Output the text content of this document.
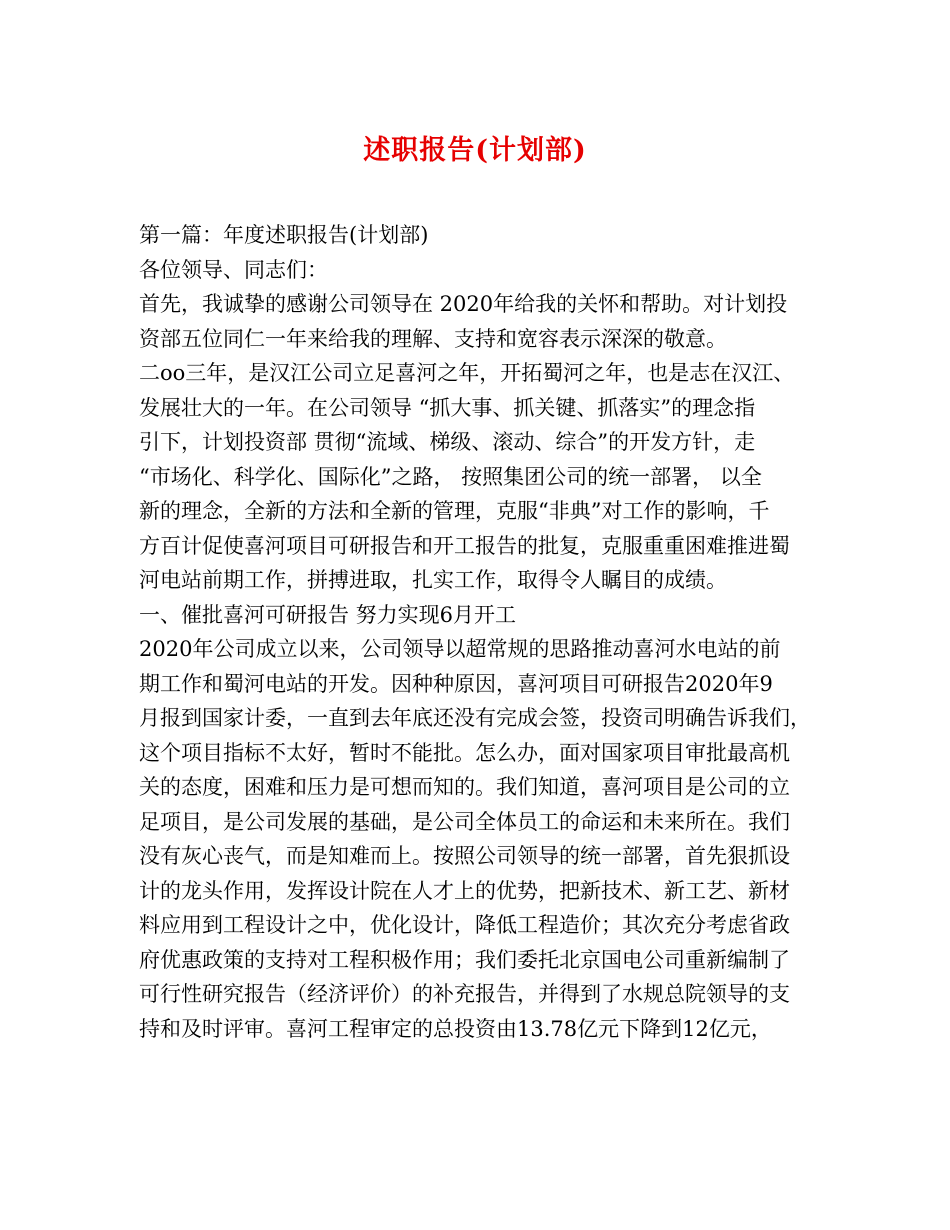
述职报告(计划部)
第一篇：年度述职报告(计划部)
各位领导、同志们：
首先，我诚挚的感谢公司领导在 2020年给我的关怀和帮助。对计划投
资部五位同仁一年来给我的理解、支持和宽容表示深深的敬意。
二oo三年，是汉江公司立足喜河之年，开拓蜀河之年，也是志在汉江、
发展壮大的一年。在公司领导 “抓大事、抓关键、抓落实”的理念指
引下，计划投资部 贯彻“流域、梯级、滚动、综合”的开发方针，走
“市场化、科学化、国际化”之路， 按照集团公司的统一部署， 以全
新的理念，全新的方法和全新的管理，克服“非典”对工作的影响，千
方百计促使喜河项目可研报告和开工报告的批复，克服重重困难推进蜀
河电站前期工作，拼搏进取，扎实工作，取得令人瞩目的成绩。
一、催批喜河可研报告 努力实现6月开工
2020年公司成立以来，公司领导以超常规的思路推动喜河水电站的前
期工作和蜀河电站的开发。因种种原因，喜河项目可研报告2020年9
月报到国家计委，一直到去年底还没有完成会签，投资司明确告诉我们，
这个项目指标不太好，暂时不能批。怎么办，面对国家项目审批最高机
关的态度，困难和压力是可想而知的。我们知道，喜河项目是公司的立
足项目，是公司发展的基础，是公司全体员工的命运和未来所在。我们
没有灰心丧气，而是知难而上。按照公司领导的统一部署，首先狠抓设
计的龙头作用，发挥设计院在人才上的优势，把新技术、新工艺、新材
料应用到工程设计之中，优化设计，降低工程造价；其次充分考虑省政
府优惠政策的支持对工程积极作用；我们委托北京国电公司重新编制了
可行性研究报告（经济评价）的补充报告，并得到了水规总院领导的支
持和及时评审。喜河工程审定的总投资由13.78亿元下降到12亿元，
